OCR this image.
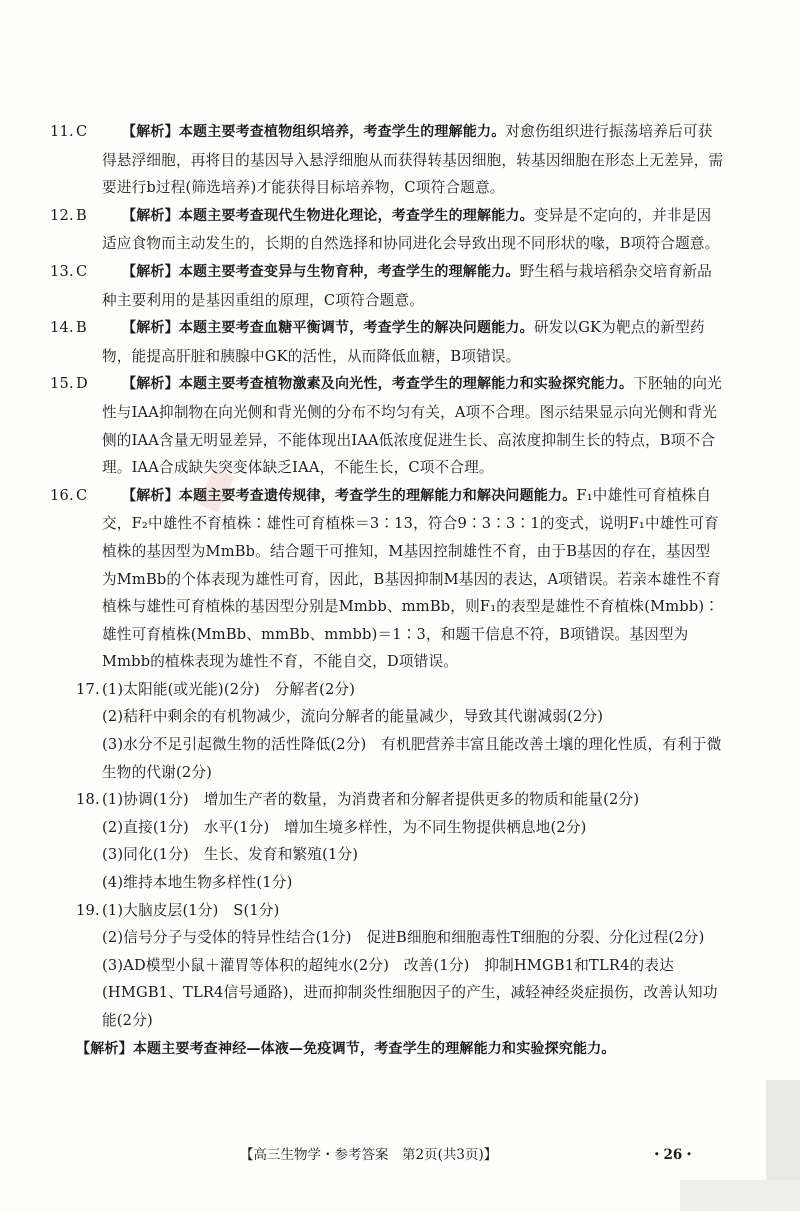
11. C 【解析】本题主要考查植物组织培养，考查学生的理解能力。对愈伤组织进行振荡培养后可获得悬浮细胞，再将目的基因导入悬浮细胞从而获得转基因细胞，转基因细胞在形态上无差异，需要进行b过程(筛选培养)才能获得目标培养物，C项符合题意。
12. B	【解析】本题主要考查现代生物进化理论，考查学生的理解能力。变异是不定向的，并非是因适应食物而主动发生的，长期的自然选择和协同进化会导致出现不同形状的喙，B项符合题意。
13. C 【解析】本题主要考查变异与生物育种，考查学生的理解能力。野生稻与栽培稻杂交培育新品种主要利用的是基因重组的原理，C项符合题意。
14. B	【解析】本题主要考查血糖平衡调节，考查学生的解决问题能力。研发以GK为靶点的新型药物，能提高肝脏和胰腺中GK的活性，从而降低血糖，B项错误。
15. D 【解析】本题主要考查植物激素及向光性，考查学生的理解能力和实验探究能力。下胚轴的向光性与IAA抑制物在向光侧和背光侧的分布不均匀有关，A项不合理。图示结果显示向光侧和背光侧的IAA含量无明显差异，不能体现出IAA低浓度促进生长、高浓度抑制生长的特点，B项不合理。IAA合成缺失突变体缺乏IAA，不能生长，C项不合理。
16. C 【解析】本题主要考查遗传规律，考查学生的理解能力和解决问题能力。F₁中雄性可育植株自交，F₂中雄性不育植株∶雄性可育植株＝3∶13，符合9∶3∶3∶1的变式，说明F₁中雄性可育植株的基因型为MmBb。结合题干可推知，M基因控制雄性不育，由于B基因的存在，基因型为MmBb的个体表现为雄性可育，因此，B基因抑制M基因的表达，A项错误。若亲本雄性不育植株与雄性可育植株的基因型分别是Mmbb、mmBb，则F₁的表型是雄性不育植株(Mmbb)∶雄性可育植株(MmBb、mmBb、mmbb)＝1∶3，和题干信息不符，B项错误。基因型为Mmbb的植株表现为雄性不育，不能自交，D项错误。

17. (1)太阳能(或光能)(2分)　分解者(2分)

(2)秸秆中剩余的有机物减少，流向分解者的能量减少，导致其代谢减弱(2分)

(3)水分不足引起微生物的活性降低(2分)　有机肥营养丰富且能改善土壤的理化性质，有利于微生物的代谢(2分)

18. (1)协调(1分)　增加生产者的数量，为消费者和分解者提供更多的物质和能量(2分)

(2)直接(1分)　水平(1分)　增加生境多样性，为不同生物提供栖息地(2分)

(3)同化(1分)　生长、发育和繁殖(1分)

(4)维持本地生物多样性(1分)

19. (1)大脑皮层(1分)　S(1分)

(2)信号分子与受体的特异性结合(1分)　促进B细胞和细胞毒性T细胞的分裂、分化过程(2分)

(3)AD模型小鼠＋灌胃等体积的超纯水(2分)　改善(1分)　抑制HMGB1和TLR4的表达(HMGB1、TLR4信号通路)，进而抑制炎性细胞因子的产生，减轻神经炎症损伤，改善认知功能(2分)

【解析】本题主要考查神经—体液—免疫调节，考查学生的理解能力和实验探究能力。

【高三生物学・参考答案　第2页(共3页)】	・26・
